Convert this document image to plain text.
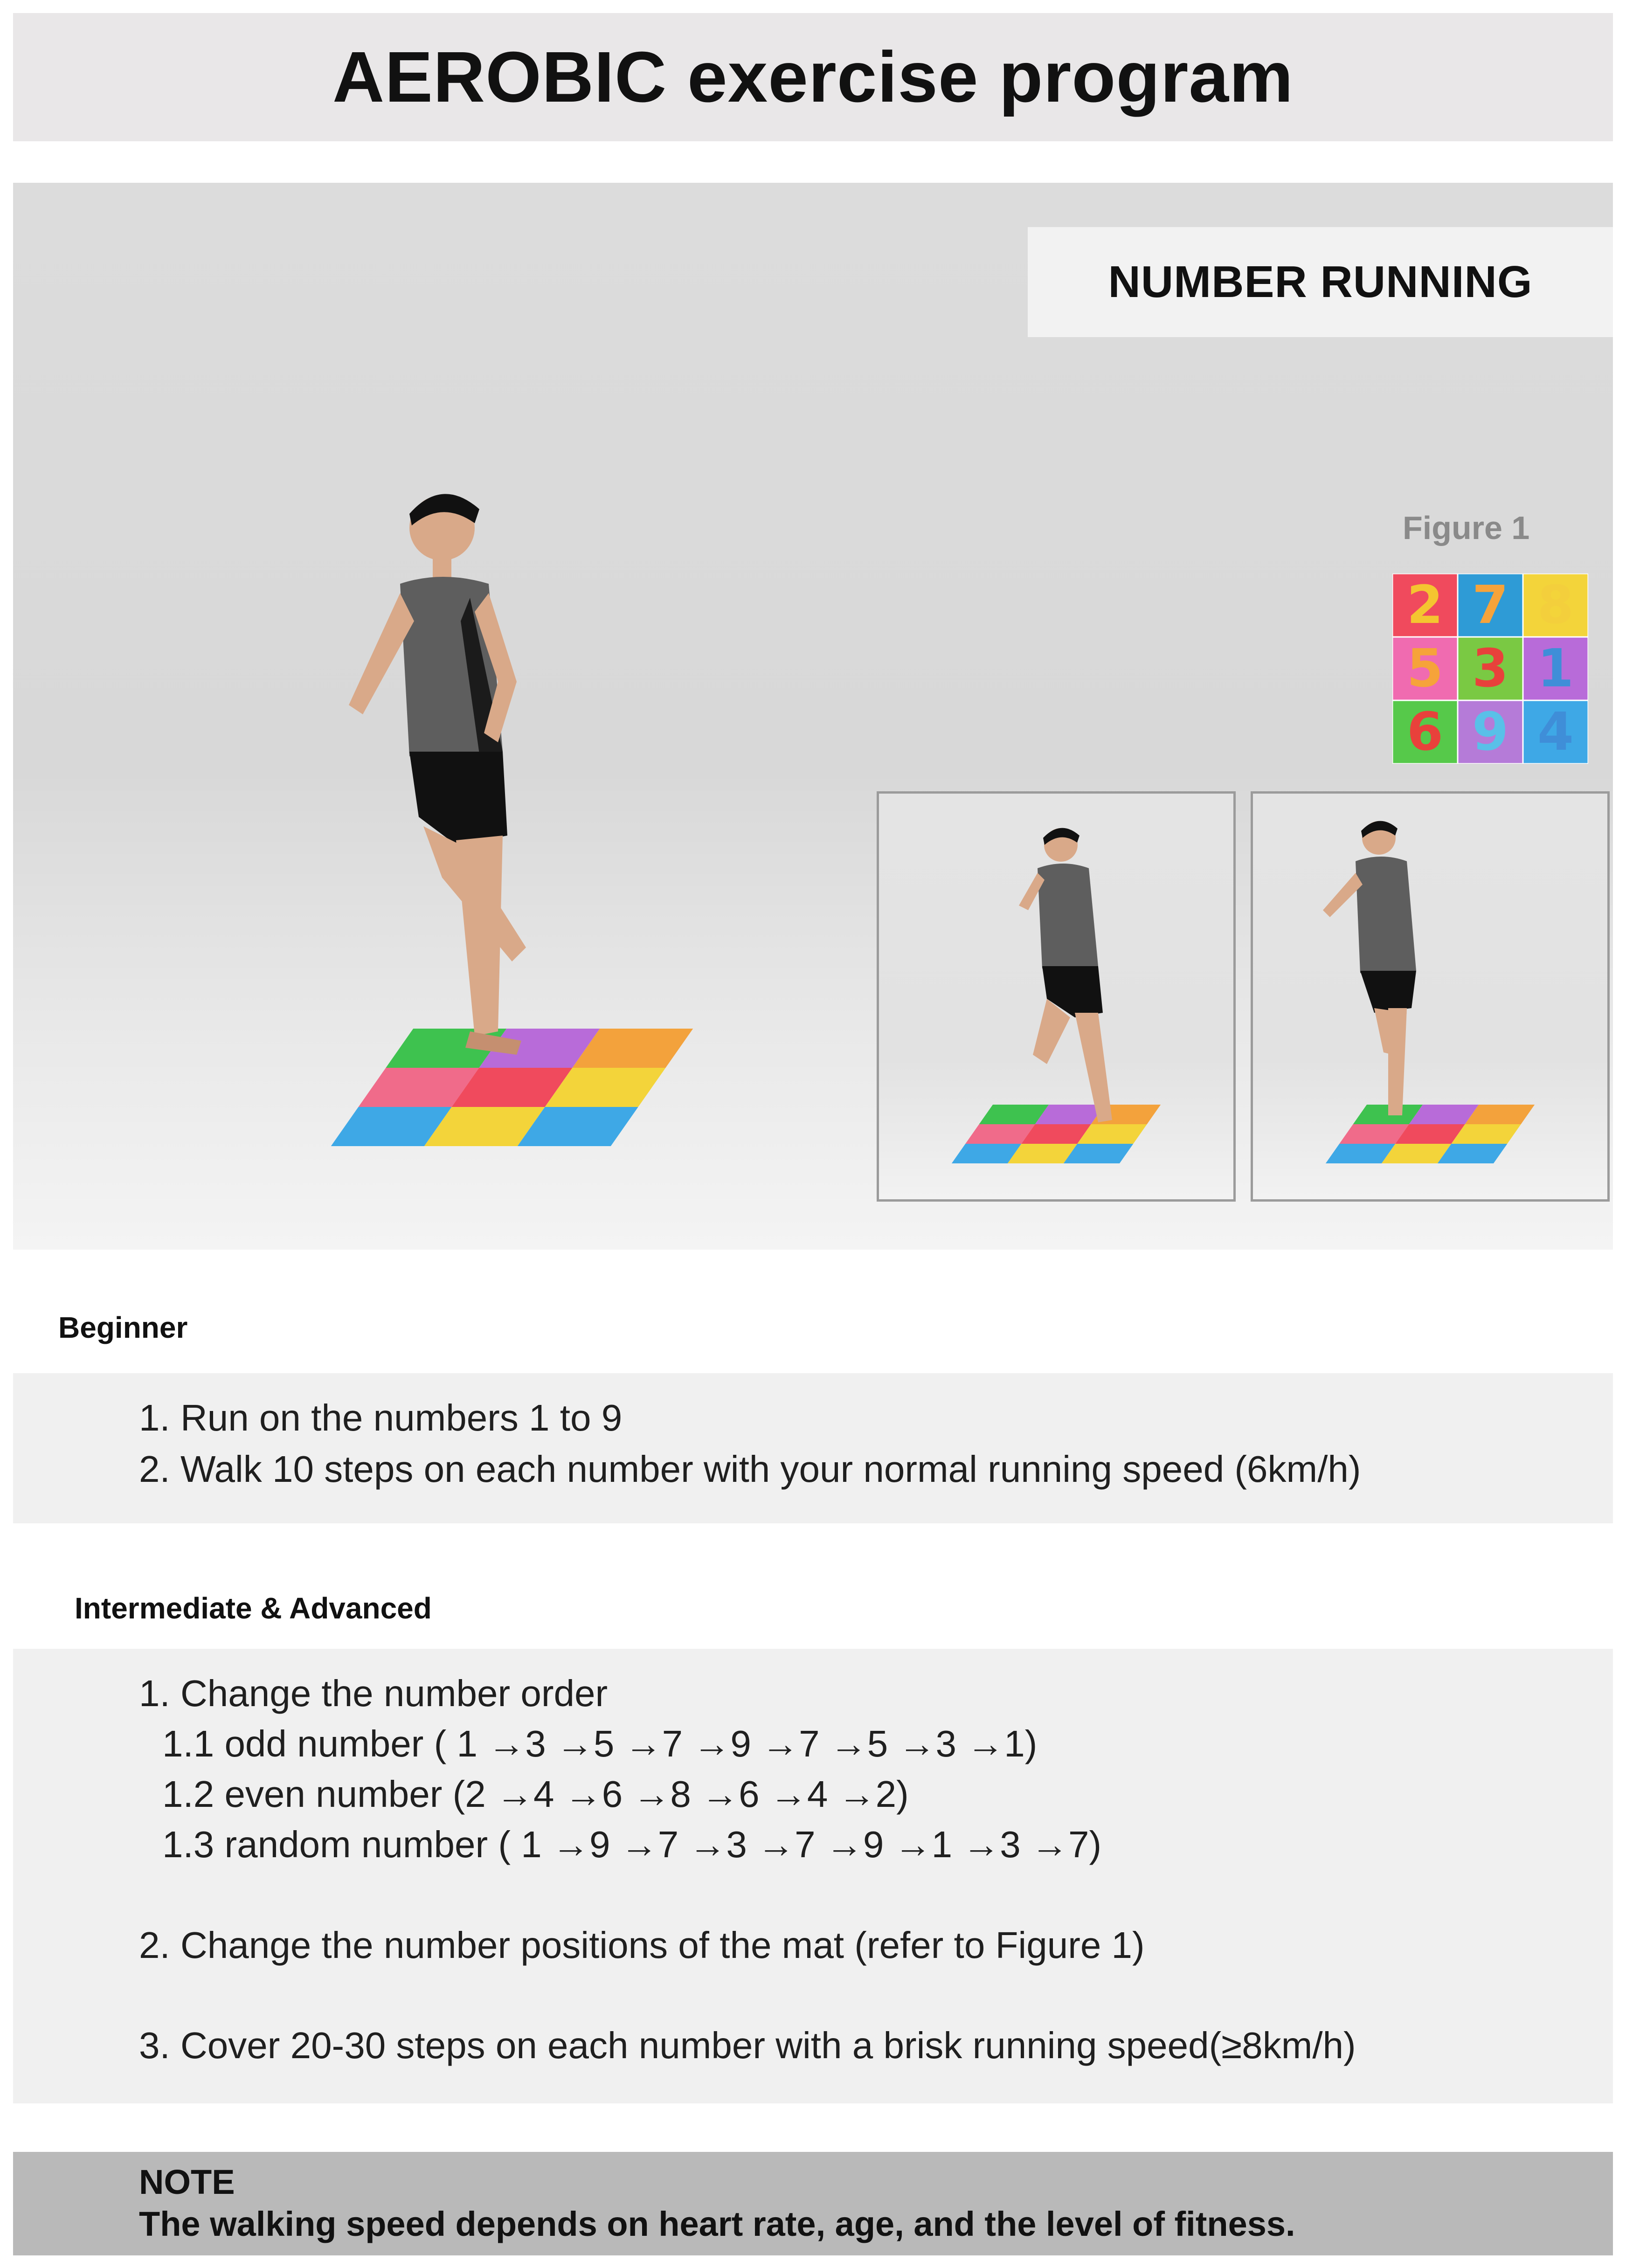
AEROBIC exercise program
NUMBER RUNNING
Figure 1
2 7 8
5 3 1
6 9 4
Beginner
1. Run on the numbers 1 to 9
2. Walk 10 steps on each number with your normal running speed (6km/h)
Intermediate & Advanced
1. Change the number order
1.1 odd number ( 1 →3 →5 →7 →9 →7 →5 →3 →1)
1.2 even number (2 →4 →6 →8 →6 →4 →2)
1.3 random number ( 1 →9 →7 →3 →7 →9 →1 →3 →7)
2. Change the number positions of the mat (refer to Figure 1)
3. Cover 20-30 steps on each number with a brisk running speed(≥8km/h)
NOTE
The walking speed depends on heart rate, age, and the level of fitness.
